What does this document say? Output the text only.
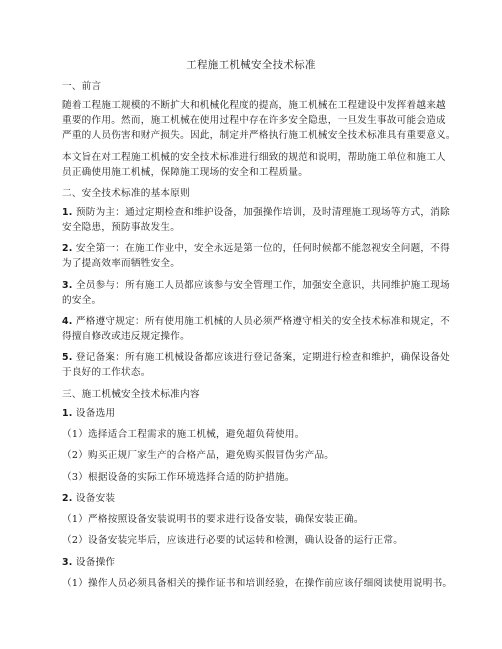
工程施工机械安全技术标准
一、前言
随着工程施工规模的不断扩大和机械化程度的提高，施工机械在工程建设中发挥着越来越
重要的作用。然而，施工机械在使用过程中存在许多安全隐患，一旦发生事故可能会造成
严重的人员伤害和财产损失。因此，制定并严格执行施工机械安全技术标准具有重要意义。
本文旨在对工程施工机械的安全技术标准进行细致的规范和说明，帮助施工单位和施工人
员正确使用施工机械，保障施工现场的安全和工程质量。
二、安全技术标准的基本原则
1. 预防为主：通过定期检查和维护设备，加强操作培训，及时清理施工现场等方式，消除
安全隐患，预防事故发生。
2. 安全第一：在施工作业中，安全永远是第一位的，任何时候都不能忽视安全问题，不得
为了提高效率而牺牲安全。
3. 全员参与：所有施工人员都应该参与安全管理工作，加强安全意识，共同维护施工现场
的安全。
4. 严格遵守规定：所有使用施工机械的人员必须严格遵守相关的安全技术标准和规定，不
得擅自修改或违反规定操作。
5. 登记备案：所有施工机械设备都应该进行登记备案，定期进行检查和维护，确保设备处
于良好的工作状态。
三、施工机械安全技术标准内容
1. 设备选用
（1）选择适合工程需求的施工机械，避免超负荷使用。
（2）购买正规厂家生产的合格产品，避免购买假冒伪劣产品。
（3）根据设备的实际工作环境选择合适的防护措施。
2. 设备安装
（1）严格按照设备安装说明书的要求进行设备安装，确保安装正确。
（2）设备安装完毕后，应该进行必要的试运转和检测，确认设备的运行正常。
3. 设备操作
（1）操作人员必须具备相关的操作证书和培训经验，在操作前应该仔细阅读使用说明书。
